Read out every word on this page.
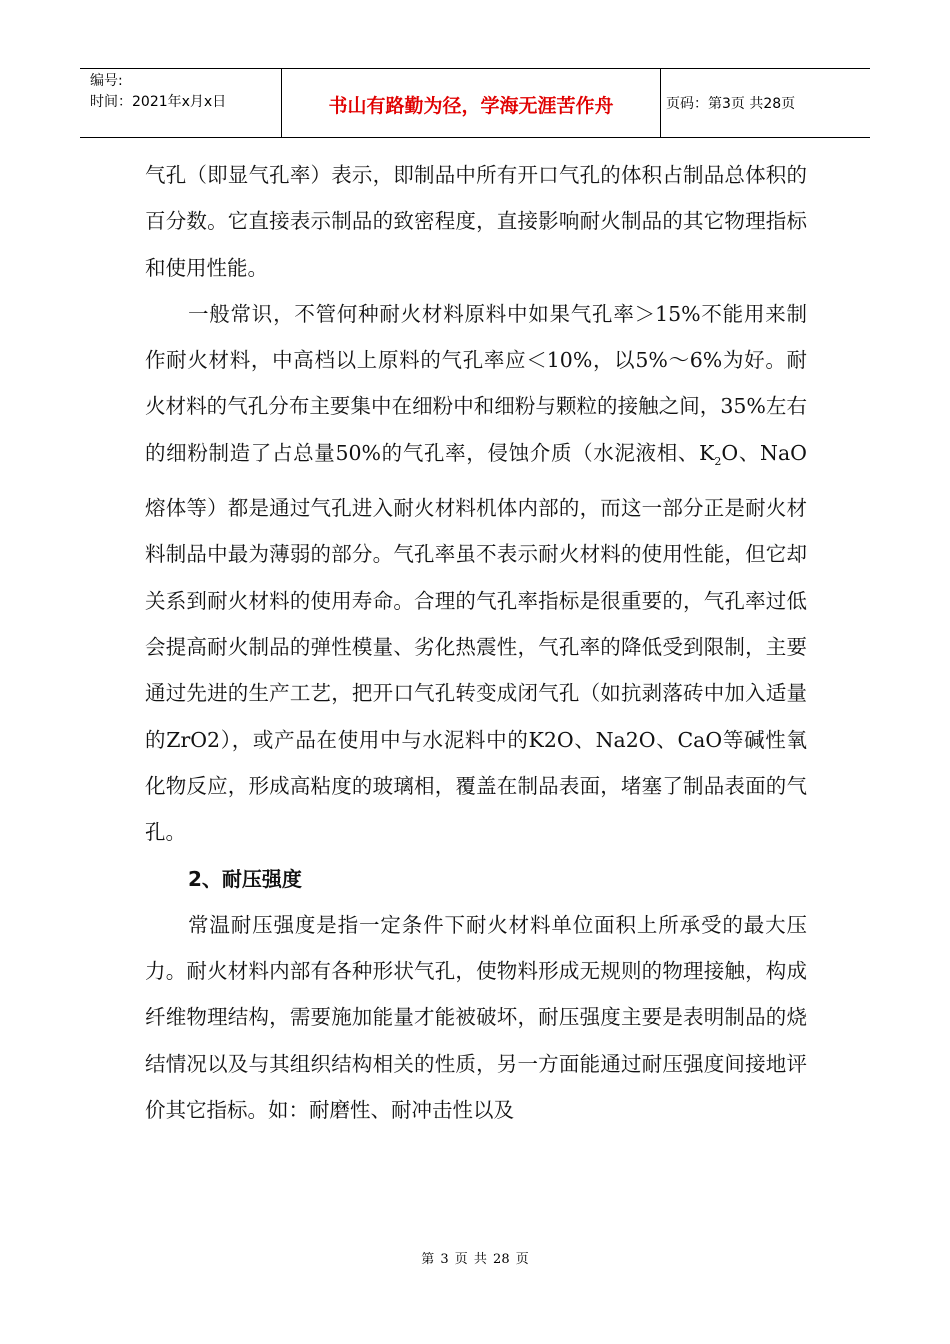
编号:
时间：2021年x月x日	书山有路勤为径，学海无涯苦作舟	页码：第3页 共28页

气孔（即显气孔率）表示，即制品中所有开口气孔的体积占制品总体积的百分数。它直接表示制品的致密程度，直接影响耐火制品的其它物理指标和使用性能。

一般常识，不管何种耐火材料原料中如果气孔率＞15%不能用来制作耐火材料，中高档以上原料的气孔率应＜10%，以5%～6%为好。耐火材料的气孔分布主要集中在细粉中和细粉与颗粒的接触之间，35%左右的细粉制造了占总量50%的气孔率，侵蚀介质（水泥液相、$K_2O$、NaO熔体等）都是通过气孔进入耐火材料机体内部的，而这一部分正是耐火材料制品中最为薄弱的部分。气孔率虽不表示耐火材料的使用性能，但它却关系到耐火材料的使用寿命。合理的气孔率指标是很重要的，气孔率过低会提高耐火制品的弹性模量、劣化热震性，气孔率的降低受到限制，主要通过先进的生产工艺，把开口气孔转变成闭气孔（如抗剥落砖中加入适量的ZrO2），或产品在使用中与水泥料中的K2O、Na2O、CaO等碱性氧化物反应，形成高粘度的玻璃相，覆盖在制品表面，堵塞了制品表面的气孔。

2、耐压强度

常温耐压强度是指一定条件下耐火材料单位面积上所承受的最大压力。耐火材料内部有各种形状气孔，使物料形成无规则的物理接触，构成纤维物理结构，需要施加能量才能被破坏，耐压强度主要是表明制品的烧结情况以及与其组织结构相关的性质，另一方面能通过耐压强度间接地评价其它指标。如：耐磨性、耐冲击性以及

第 3 页 共 28 页
